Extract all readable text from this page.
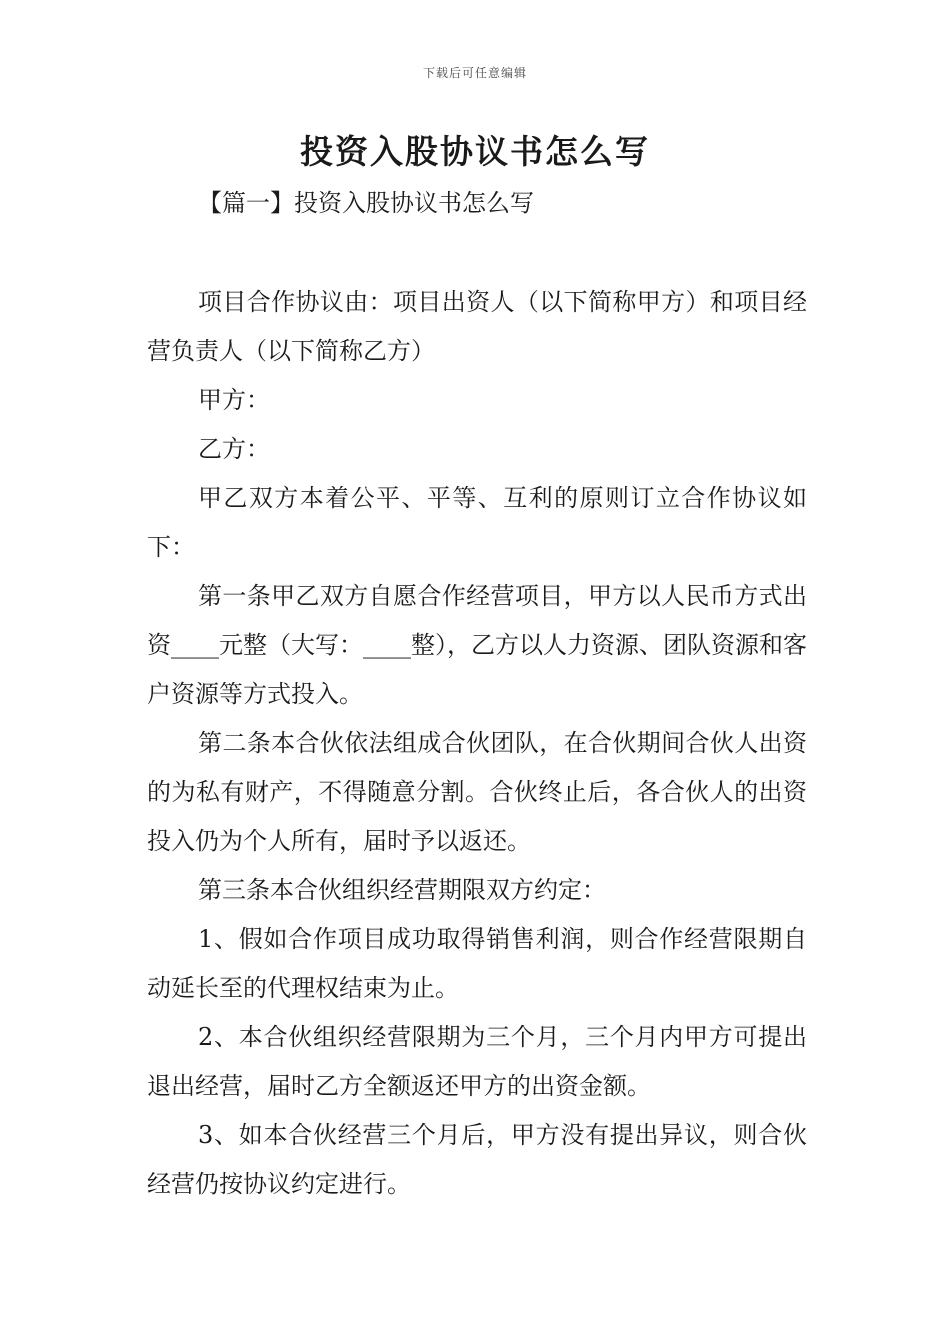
下载后可任意编辑
投资入股协议书怎么写
【篇一】投资入股协议书怎么写

项目合作协议由：项目出资人（以下简称甲方）和项目经营负责人（以下简称乙方）

甲方：

乙方：

甲乙双方本着公平、平等、互利的原则订立合作协议如下：

第一条甲乙双方自愿合作经营项目，甲方以人民币方式出资____元整（大写：____整），乙方以人力资源、团队资源和客户资源等方式投入。

第二条本合伙依法组成合伙团队，在合伙期间合伙人出资的为私有财产，不得随意分割。合伙终止后，各合伙人的出资投入仍为个人所有，届时予以返还。

第三条本合伙组织经营期限双方约定：

1、假如合作项目成功取得销售利润，则合作经营限期自动延长至的代理权结束为止。

2、本合伙组织经营限期为三个月，三个月内甲方可提出退出经营，届时乙方全额返还甲方的出资金额。

3、如本合伙经营三个月后，甲方没有提出异议，则合伙经营仍按协议约定进行。
